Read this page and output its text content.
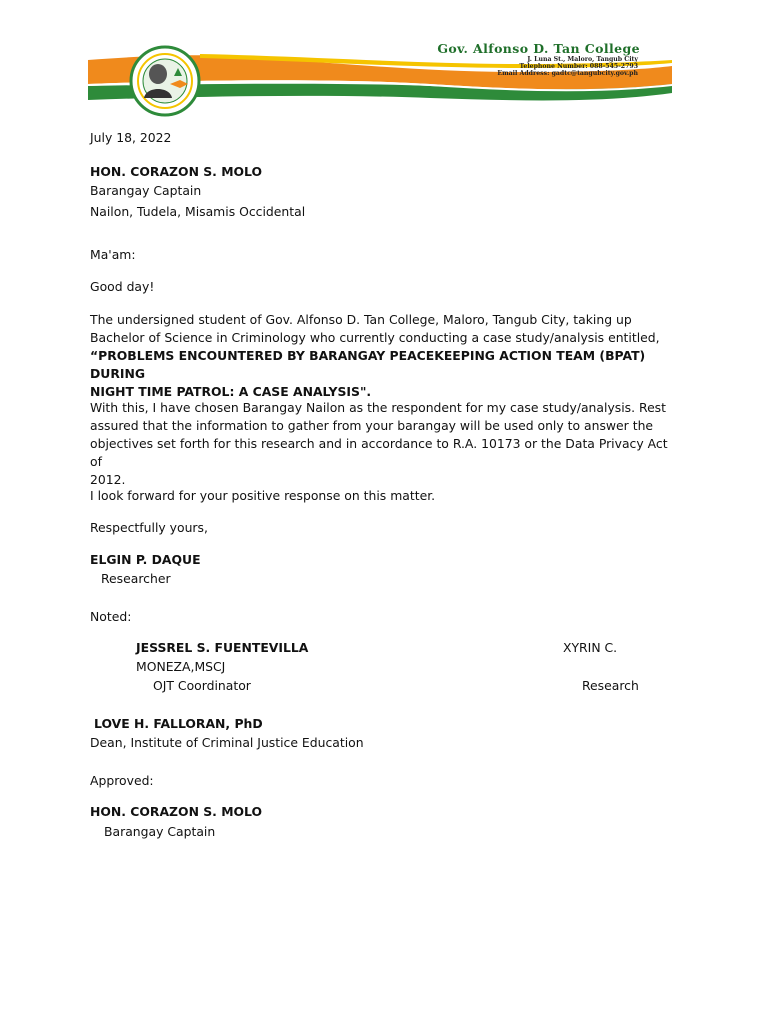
Gov. Alfonso D. Tan College
J. Luna St., Maloro, Tangub City
Telephone Number: 088-545-2793
Email Address: gadtc@tangubcity.gov.ph
July 18, 2022
HON. CORAZON S. MOLO
Barangay Captain
Nailon, Tudela, Misamis Occidental
Ma'am:
Good day!
The undersigned student of Gov. Alfonso D. Tan College, Maloro, Tangub City, taking up
Bachelor of Science in Criminology who currently conducting a case study/analysis entitled,
“PROBLEMS ENCOUNTERED BY BARANGAY PEACEKEEPING ACTION TEAM (BPAT) DURING
NIGHT TIME PATROL: A CASE ANALYSIS".
With this, I have chosen Barangay Nailon as the respondent for my case study/analysis. Rest
assured that the information to gather from your barangay will be used only to answer the
objectives set forth for this research and in accordance to R.A. 10173 or the Data Privacy Act of
2012.
I look forward for your positive response on this matter.
Respectfully yours,
ELGIN P. DAQUE
Researcher
Noted:
JESSREL S. FUENTEVILLA
MONEZA,MSCJ
OJT Coordinator
XYRIN C.
Research
LOVE H. FALLORAN, PhD
Dean, Institute of Criminal Justice Education
Approved:
HON. CORAZON S. MOLO
Barangay Captain
